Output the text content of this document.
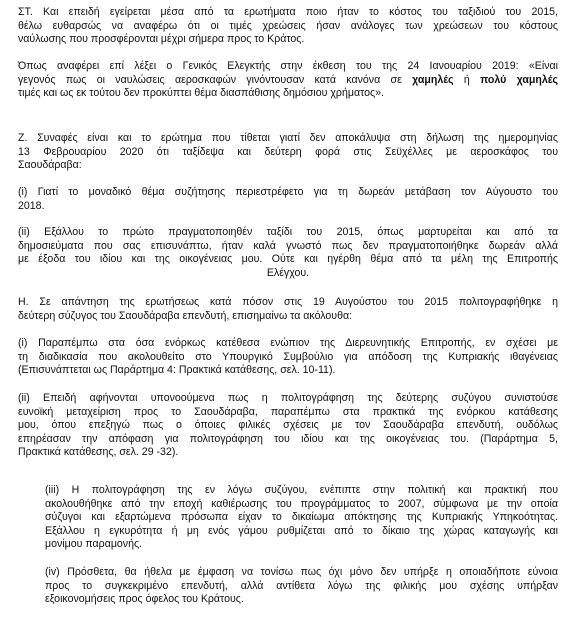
ΣΤ. Και επειδή εγείρεται μέσα από τα ερωτήματα ποιο ήταν το κόστος του ταξιδιού του 2015,
θέλω ευθαρσώς να αναφέρω ότι οι τιμές χρεώσεις ήσαν ανάλογες των χρεώσεων του κόστους
ναύλωσης που προσφέρονται μέχρι σήμερα προς το Κράτος.
Όπως αναφέρει επί λέξει ο Γενικός Ελεγκτής στην έκθεση του της 24 Ιανουαρίου 2019: «Είναι
γεγονός πως οι ναυλώσεις αεροσκαφών γινόντουσαν κατά κανόνα σε χαμηλές ή πολύ χαμηλές
τιμές και ως εκ τούτου δεν προκύπτει θέμα διασπάθισης δημόσιου χρήματος».
Ζ. Συναφές είναι και το ερώτημα που τίθεται γιατί δεν αποκάλυψα στη δήλωση της ημερομηνίας
13 Φεβρουαρίου 2020 ότι ταξίδεψα και δεύτερη φορά στις Σεϋχέλλες με αεροσκάφος του
Σαουδάραβα:
(i) Γιατί το μοναδικό θέμα συζήτησης περιεστρέφετο για τη δωρεάν μετάβαση τον Αύγουστο του
2018.
(ii) Εξάλλου το πρώτο πραγματοποιηθέν ταξίδι του 2015, όπως μαρτυρείται και από τα
δημοσιεύματα που σας επισυνάπτω, ήταν καλά γνωστό πως δεν πραγματοποιήθηκε δωρεάν αλλά
με έξοδα του ιδίου και της οικογένειας μου. Ούτε και ηγέρθη θέμα από τα μέλη της Επιτροπής
Ελέγχου.
Η. Σε απάντηση της ερωτήσεως κατά πόσον στις 19 Αυγούστου του 2015 πολιτογραφήθηκε η
δεύτερη σύζυγος του Σαουδάραβα επενδυτή, επισημαίνω τα ακόλουθα:
(i) Παραπέμπω στα όσα ενόρκως κατέθεσα ενώπιον της Διερευνητικής Επιτροπής, εν σχέσει με
τη διαδικασία που ακολουθείτο στο Υπουργικό Συμβούλιο για απόδοση της Κυπριακής ιθαγένειας
(Επισυνάπτεται ως Παράρτημα 4: Πρακτικά κατάθεσης, σελ. 10-11).
(ii) Επειδή αφήνονται υπονοούμενα πως η πολιτογράφηση της δεύτερης συζύγου συνιστούσε
ευνοϊκή μεταχείριση προς το Σαουδάραβα, παραπέμπω στα πρακτικά της ενόρκου κατάθεσης
μου, όπου επεξηγώ πως ο όποιες φιλικές σχέσεις με τον Σαουδάραβα επενδυτή, ουδόλως
επηρέασαν την απόφαση για πολιτογράφηση του ιδίου και της οικογένειας του. (Παράρτημα 5,
Πρακτικά κατάθεσης, σελ. 29 -32).
(iii) Η πολιτογράφηση της εν λόγω συζύγου, ενέπιπτε στην πολιτική και πρακτική που
ακολουθήθηκε από την εποχή καθιέρωσης του προγράμματος το 2007, σύμφωνα με την οποία
σύζυγοι και εξαρτώμενα πρόσωπα είχαν το δικαίωμα απόκτησης της Κυπριακής Υπηκοότητας.
Εξάλλου η εγκυρότητα ή μη ενός γάμου ρυθμίζεται από το δίκαιο της χώρας καταγωγής και
μονίμου παραμονής.
(iv) Πρόσθετα, θα ήθελα με έμφαση να τονίσω πως όχι μόνο δεν υπήρξε η οποιαδήποτε εύνοια
προς το συγκεκριμένο επενδυτή, αλλά αντίθετα λόγω της φιλικής μου σχέσης υπήρξαν
εξοικονομήσεις προς όφελος του Κράτους.
